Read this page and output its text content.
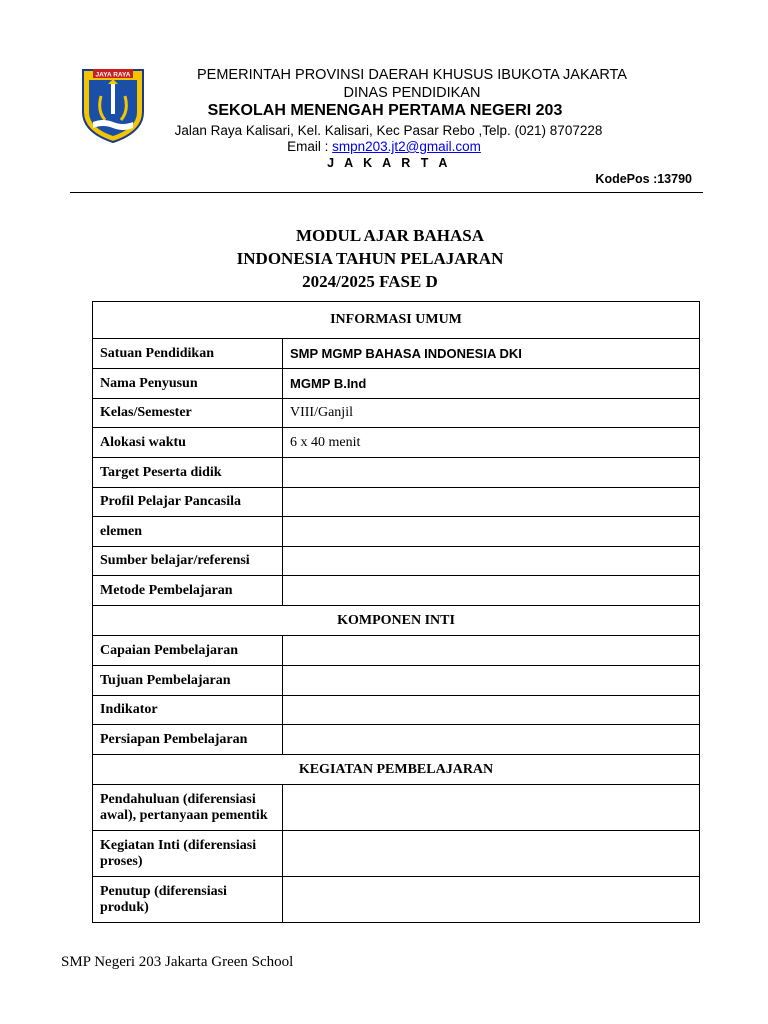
JAYA RAYA	PEMERINTAH PROVINSI DAERAH KHUSUS IBUKOTA JAKARTA
DINAS PENDIDIKAN
SEKOLAH MENENGAH PERTAMA NEGERI 203
Jalan Raya Kalisari, Kel. Kalisari, Kec Pasar Rebo ,Telp. (021) 8707228
Email : smpn203.jt2@gmail.com
J A K A R T A
KodePos :13790
MODUL AJAR BAHASA
INDONESIA TAHUN PELAJARAN
2024/2025 FASE D
INFORMASI UMUM	
Satuan Pendidikan	SMP MGMP BAHASA INDONESIA DKI
Nama Penyusun	MGMP B.Ind
Kelas/Semester	VIII/Ganjil
Alokasi waktu	6 x 40 menit
Target Peserta didik	
Profil Pelajar Pancasila	
elemen	
Sumber belajar/referensi	
Metode Pembelajaran	
KOMPONEN INTI	
Capaian Pembelajaran	
Tujuan Pembelajaran	
Indikator	
Persiapan Pembelajaran	
KEGIATAN PEMBELAJARAN	
Pendahuluan (diferensiasi awal), pertanyaan pementik	
Kegiatan Inti (diferensiasi proses)	
Penutup (diferensiasi produk)	
SMP Negeri 203 Jakarta Green School
